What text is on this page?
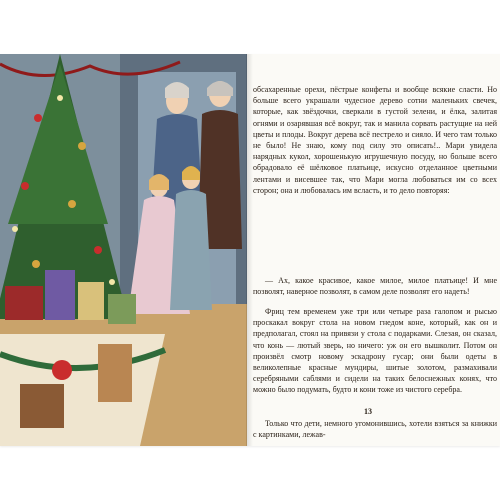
обсахаренные орехи, пёстрые конфеты и вообще всякие сласти. Но больше всего украшали чудесное дерево сотни маленьких свечек, которые, как звёздочки, сверкали в густой зелени, и ёлка, залитая огнями и озарявшая всё вокруг, так и манила сорвать растущие на ней цветы и плоды. Вокруг дерева всё пестрело и сияло. И чего там только не было! Не знаю, кому под силу это описать!.. Мари увидела нарядных кукол, хорошенькую игрушечную посуду, но больше всего обрадовало её шёлковое платьице, искусно отделанное цветными лентами и висевшее так, что Мари могла любоваться им со всех сторон; она и любовалась им всласть, и то дело повторяя:

— Ах, какое красивое, какое милое, милое платьице! И мне позволят, наверное позволят, в самом деле позволят его надеть!

Фриц тем временем уже три или четыре раза галопом и рысью проскакал вокруг стола на новом гнедом коне, который, как он и предполагал, стоял на привязи у стола с подарками. Слезая, он сказал, что конь — лютый зверь, но ничего: уж он его вышколит. Потом он произвёл смотр новому эскадрону гусар; они были одеты в великолепные красные мундиры, шитые золотом, размахивали серебряными саблями и сидели на таких белоснежных конях, что можно было подумать, будто и кони тоже из чистого серебра.

Только что дети, немного угомонившись, хотели взяться за книжки с картинками, лежав-

13
